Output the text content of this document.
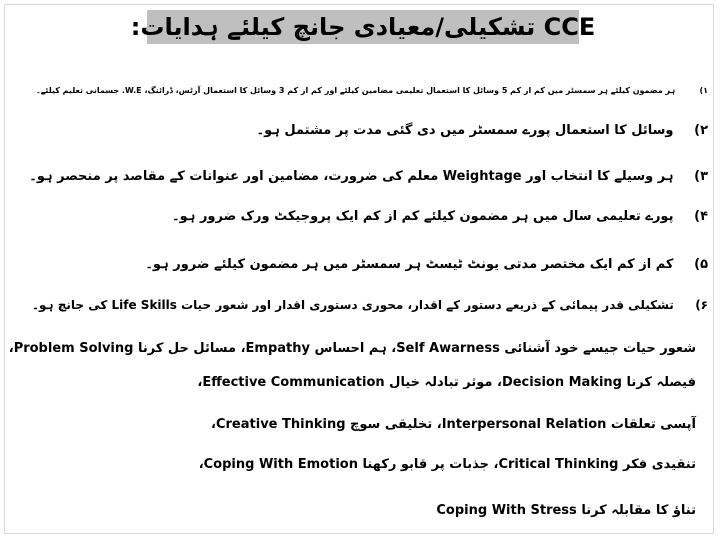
CCE تشکیلی/معیادی جانچ کیلئے ہدایات:
۱) ہر مضمون کیلئے ہر سمسٹر میں کم از کم 5 وسائل کا استعمال تعلیمی مضامین کیلئے اور کم از کم 3 وسائل کا استعمال آرٹس، ڈرائنگ، W.E. جسمانی تعلیم کیلئے۔
۲) وسائل کا استعمال پورے سمسٹر میں دی گئی مدت پر مشتمل ہو۔
۳) ہر وسیلے کا انتخاب اور Weightage معلم کی ضرورت، مضامین اور عنوانات کے مقاصد پر منحصر ہو۔
۴) پورے تعلیمی سال میں ہر مضمون کیلئے کم از کم ایک پروجیکٹ ورک ضرور ہو۔
۵) کم از کم ایک مختصر مدتی یونٹ ٹیسٹ ہر سمسٹر میں ہر مضمون کیلئے ضرور ہو۔
۶) تشکیلی قدر پیمائی کے ذریعے دستور کے اقدار، محوری دستوری اقدار اور شعور حیات Life Skills کی جانچ ہو۔
شعور حیات جیسے خود آشنائی Self Awarness، ہم احساس Empathy، مسائل حل کرنا Problem Solving،
فیصلہ کرنا Decision Making، موثر تبادلہ خیال Effective Communication،
آپسی تعلقات Interpersonal Relation، تخلیقی سوچ Creative Thinking،
تنقیدی فکر Critical Thinking، جذبات پر قابو رکھنا Coping With Emotion،
تناؤ کا مقابلہ کرنا Coping With Stress
